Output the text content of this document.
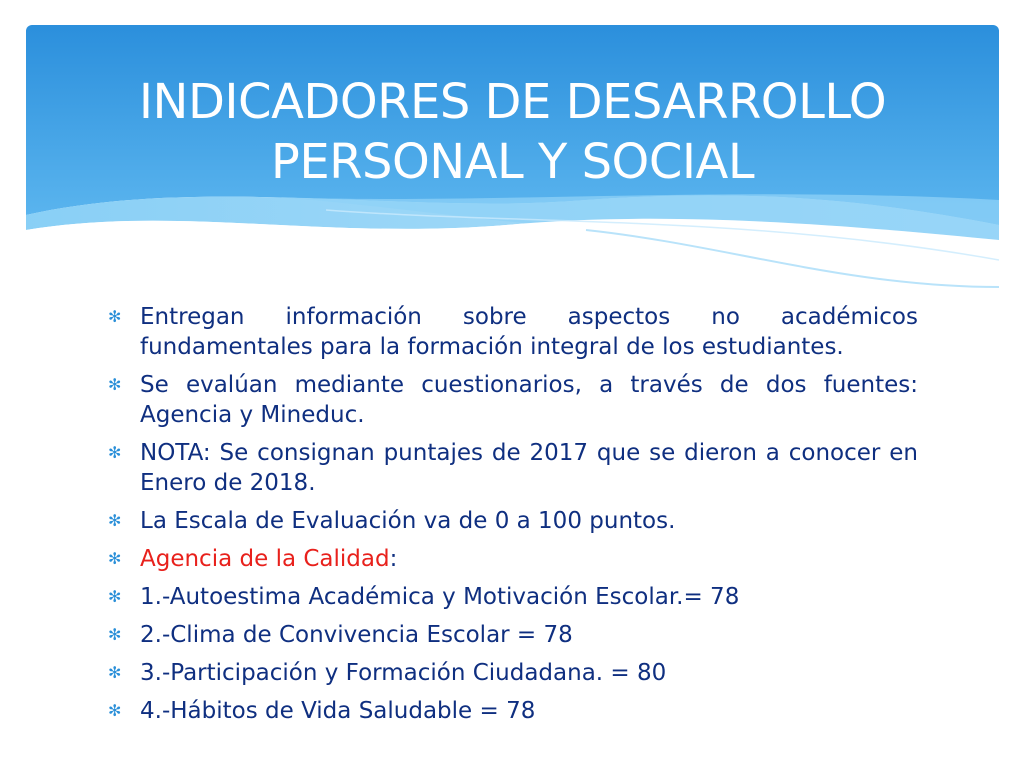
INDICADORES DE DESARROLLO
PERSONAL Y SOCIAL
✻ Entregan información sobre aspectos no académicos fundamentales para la formación integral de los estudiantes.
✻ Se evalúan mediante cuestionarios, a través de dos fuentes: Agencia y Mineduc.
✻ NOTA: Se consignan puntajes de 2017 que se dieron a conocer en Enero de 2018.
✻ La Escala de Evaluación va de 0 a 100 puntos.
✻ Agencia de la Calidad:
✻ 1.-Autoestima Académica y Motivación Escolar.= 78
✻ 2.-Clima de Convivencia Escolar = 78
✻ 3.-Participación y Formación Ciudadana. = 80
✻ 4.-Hábitos de Vida Saludable = 78
